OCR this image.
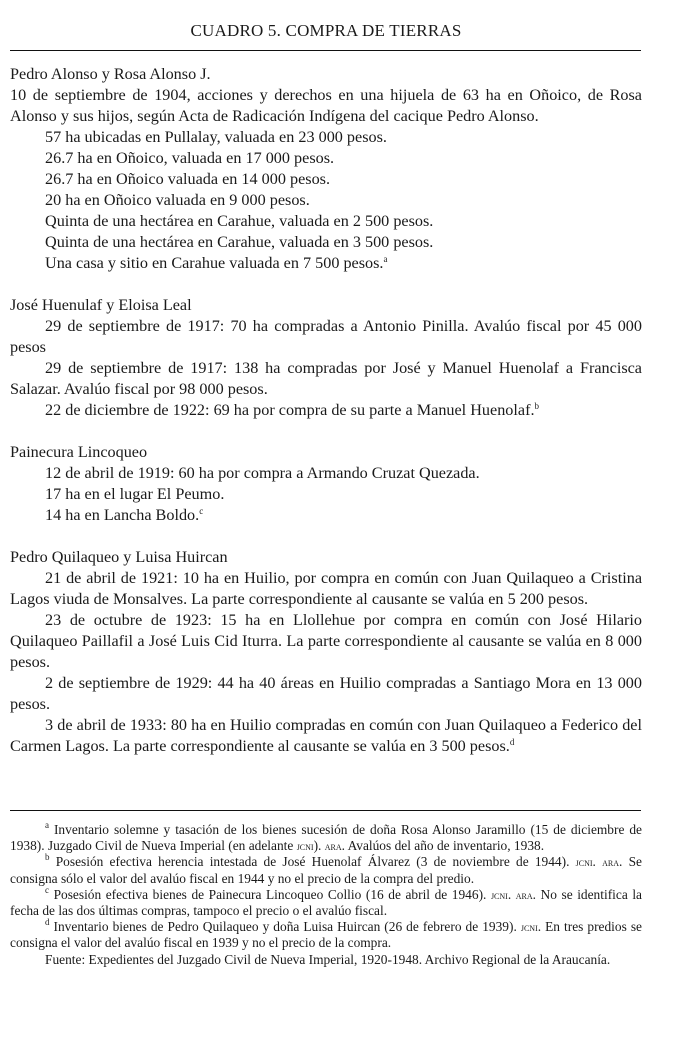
CUADRO 5. COMPRA DE TIERRAS

Pedro Alonso y Rosa Alonso J.

10 de septiembre de 1904, acciones y derechos en una hijuela de 63 ha en Oñoico, de Rosa Alonso y sus hijos, según Acta de Radicación Indígena del cacique Pedro Alonso.

57 ha ubicadas en Pullalay, valuada en 23 000 pesos.

26.7 ha en Oñoico, valuada en 17 000 pesos.

26.7 ha en Oñoico valuada en 14 000 pesos.

20 ha en Oñoico valuada en 9 000 pesos.

Quinta de una hectárea en Carahue, valuada en 2 500 pesos.

Quinta de una hectárea en Carahue, valuada en 3 500 pesos.

Una casa y sitio en Carahue valuada en 7 500 pesos.$^a$

José Huenulaf y Eloisa Leal

29 de septiembre de 1917: 70 ha compradas a Antonio Pinilla. Avalúo fiscal por 45 000 pesos

29 de septiembre de 1917: 138 ha compradas por José y Manuel Huenolaf a Francisca Salazar. Avalúo fiscal por 98 000 pesos.

22 de diciembre de 1922: 69 ha por compra de su parte a Manuel Huenolaf.$^b$

Painecura Lincoqueo

12 de abril de 1919: 60 ha por compra a Armando Cruzat Quezada.

17 ha en el lugar El Peumo.

14 ha en Lancha Boldo.$^c$

Pedro Quilaqueo y Luisa Huircan

21 de abril de 1921: 10 ha en Huilio, por compra en común con Juan Quilaqueo a Cristina Lagos viuda de Monsalves. La parte correspondiente al causante se valúa en 5 200 pesos.

23 de octubre de 1923: 15 ha en Llollehue por compra en común con José Hilario Quilaqueo Paillafil a José Luis Cid Iturra. La parte correspondiente al causante se valúa en 8 000 pesos.

2 de septiembre de 1929: 44 ha 40 áreas en Huilio compradas a Santiago Mora en 13 000 pesos.

3 de abril de 1933: 80 ha en Huilio compradas en común con Juan Quilaqueo a Federico del Carmen Lagos. La parte correspondiente al causante se valúa en 3 500 pesos.$^d$

$^a$ Inventario solemne y tasación de los bienes sucesión de doña Rosa Alonso Jaramillo (15 de diciembre de 1938). Juzgado Civil de Nueva Imperial (en adelante jcni). ara. Avalúos del año de inventario, 1938.

$^b$ Posesión efectiva herencia intestada de José Huenolaf Álvarez (3 de noviembre de 1944). jcni. ara. Se consigna sólo el valor del avalúo fiscal en 1944 y no el precio de la compra del predio.

$^c$ Posesión efectiva bienes de Painecura Lincoqueo Collio (16 de abril de 1946). jcni. ara. No se identifica la fecha de las dos últimas compras, tampoco el precio o el avalúo fiscal.

$^d$ Inventario bienes de Pedro Quilaqueo y doña Luisa Huircan (26 de febrero de 1939). jcni. En tres predios se consigna el valor del avalúo fiscal en 1939 y no el precio de la compra.

Fuente: Expedientes del Juzgado Civil de Nueva Imperial, 1920-1948. Archivo Regional de la Araucanía.
